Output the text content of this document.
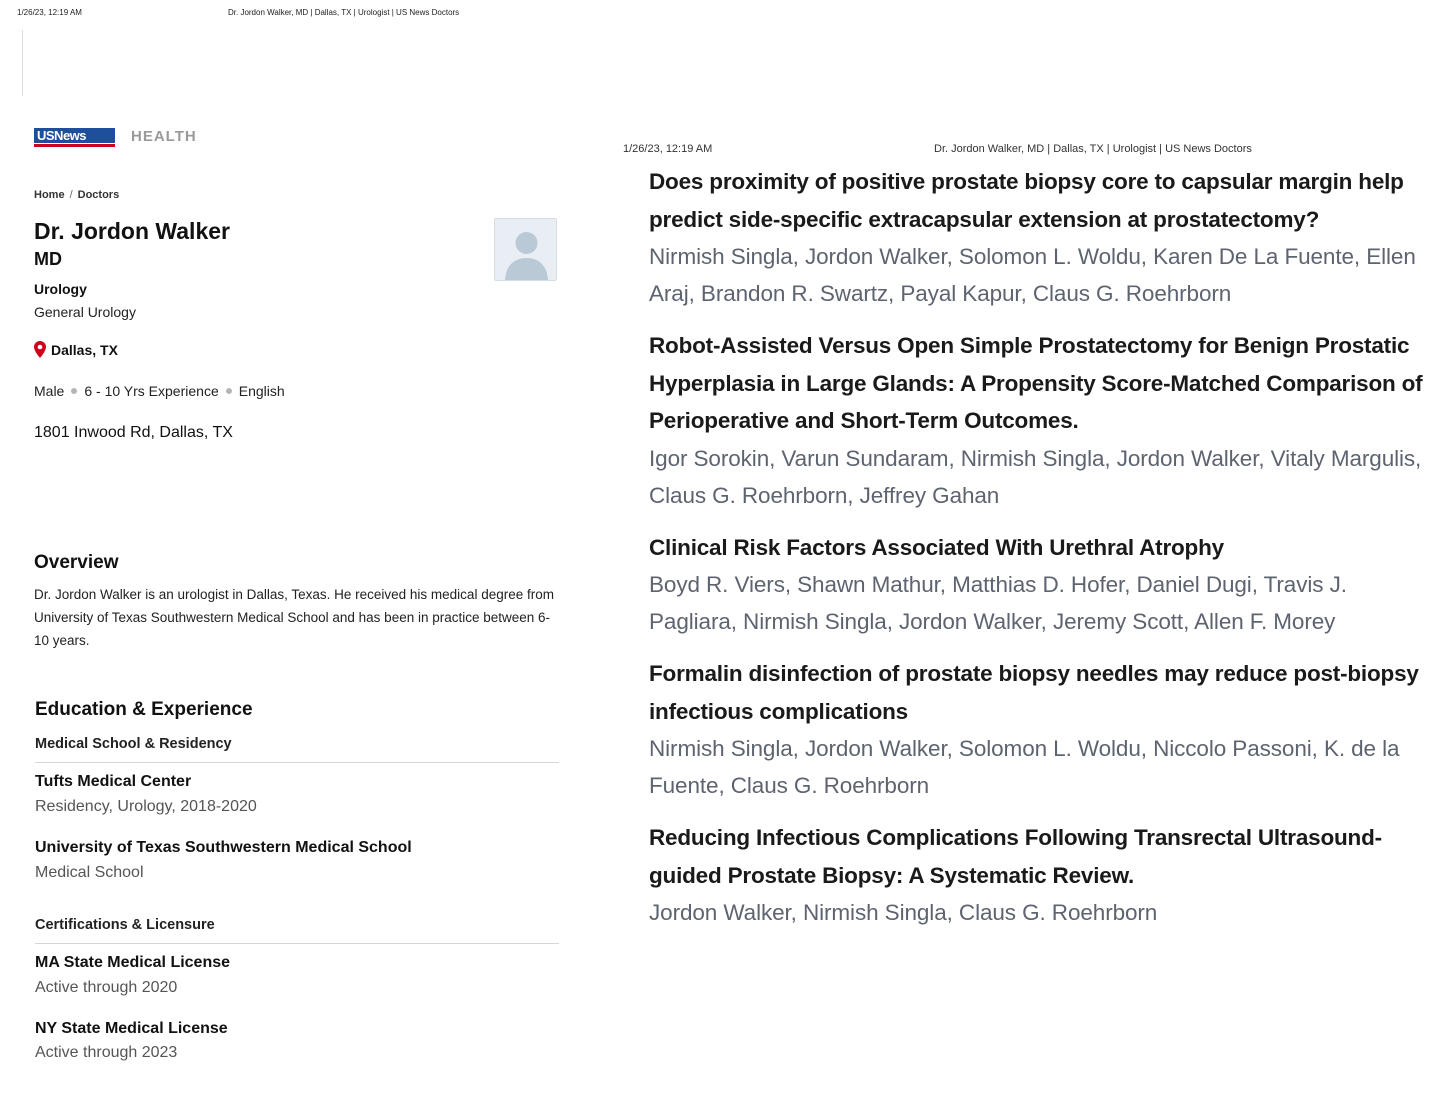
1/26/23, 12:19 AM	Dr. Jordon Walker, MD | Dallas, TX | Urologist | US News Doctors
USNews	HEALTH
Home / Doctors
Dr. Jordon Walker
MD
Urology
General Urology
Dallas, TX
Male 6 - 10 Yrs Experience English
1801 Inwood Rd, Dallas, TX
Overview
Dr. Jordon Walker is an urologist in Dallas, Texas. He received his medical degree from University of Texas Southwestern Medical School and has been in practice between 6-10 years.
Education & Experience
Medical School & Residency
Tufts Medical Center
Residency, Urology, 2018-2020
University of Texas Southwestern Medical School
Medical School
Certifications & Licensure
MA State Medical License
Active through 2020
NY State Medical License
Active through 2023
1/26/23, 12:19 AM	Dr. Jordon Walker, MD | Dallas, TX | Urologist | US News Doctors
Does proximity of positive prostate biopsy core to capsular margin help predict side-specific extracapsular extension at prostatectomy?
Nirmish Singla, Jordon Walker, Solomon L. Woldu, Karen De La Fuente, Ellen Araj, Brandon R. Swartz, Payal Kapur, Claus G. Roehrborn
Robot-Assisted Versus Open Simple Prostatectomy for Benign Prostatic Hyperplasia in Large Glands: A Propensity Score-Matched Comparison of Perioperative and Short-Term Outcomes.
Igor Sorokin, Varun Sundaram, Nirmish Singla, Jordon Walker, Vitaly Margulis, Claus G. Roehrborn, Jeffrey Gahan
Clinical Risk Factors Associated With Urethral Atrophy
Boyd R. Viers, Shawn Mathur, Matthias D. Hofer, Daniel Dugi, Travis J. Pagliara, Nirmish Singla, Jordon Walker, Jeremy Scott, Allen F. Morey
Formalin disinfection of prostate biopsy needles may reduce post-biopsy infectious complications
Nirmish Singla, Jordon Walker, Solomon L. Woldu, Niccolo Passoni, K. de la Fuente, Claus G. Roehrborn
Reducing Infectious Complications Following Transrectal Ultrasound-guided Prostate Biopsy: A Systematic Review.
Jordon Walker, Nirmish Singla, Claus G. Roehrborn
